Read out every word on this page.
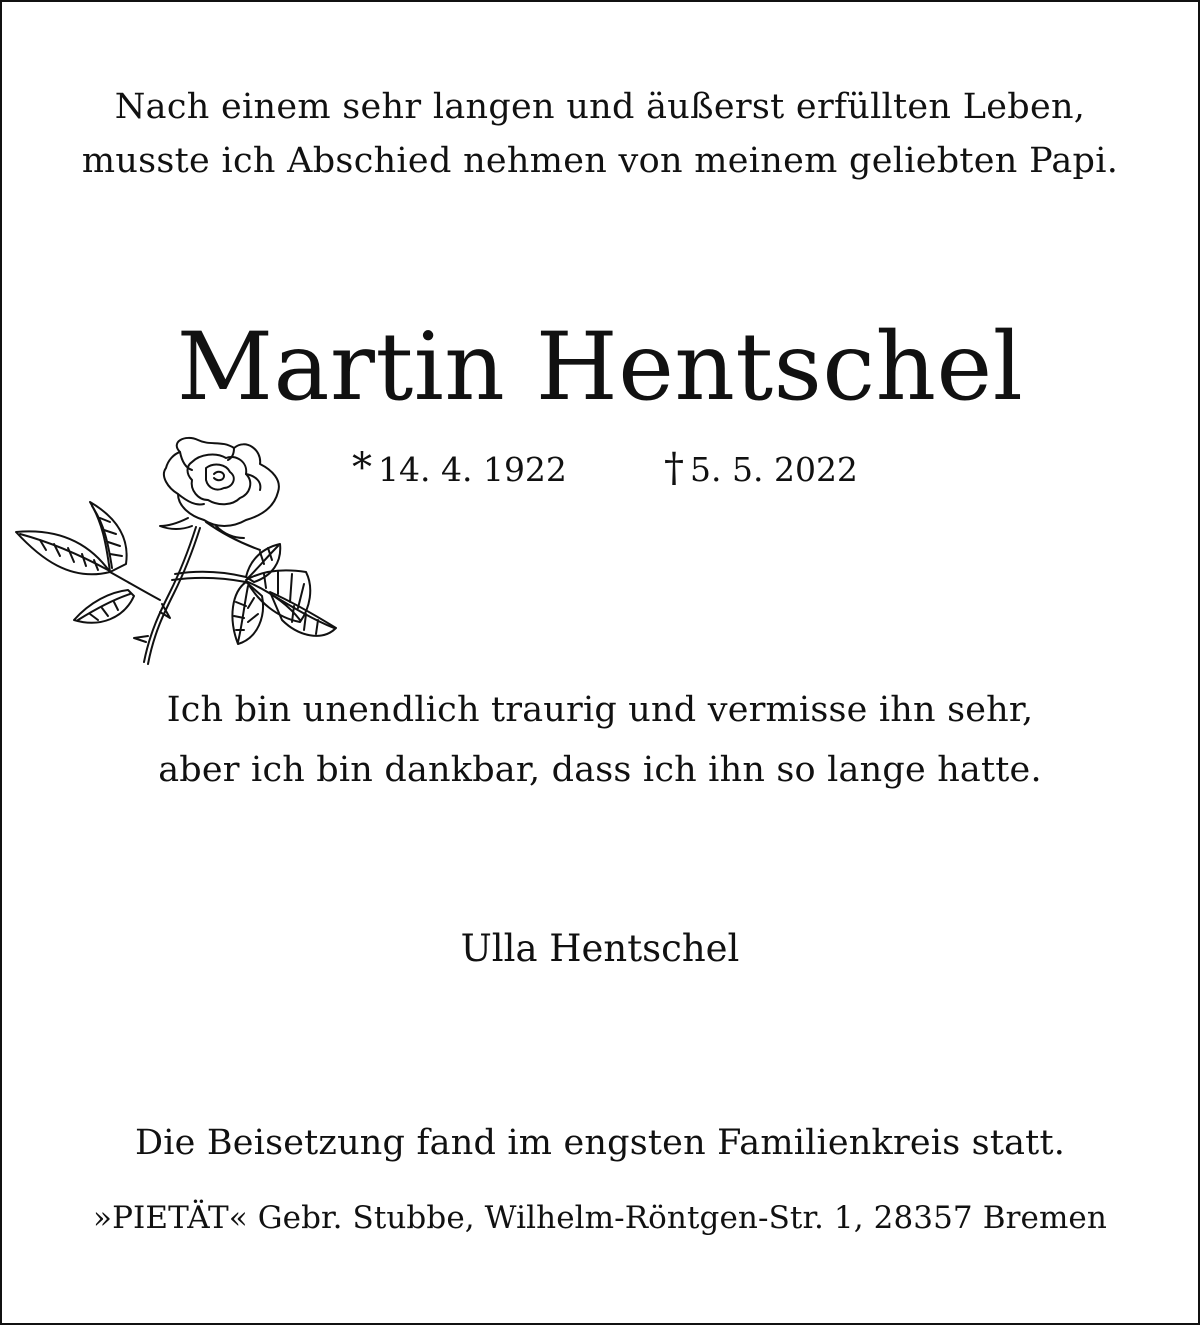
Nach einem sehr langen und äußerst erfüllten Leben,
musste ich Abschied nehmen von meinem geliebten Papi.
Martin Hentschel
* 14. 4. 1922 † 5. 5. 2022
Ich bin unendlich traurig und vermisse ihn sehr,
aber ich bin dankbar, dass ich ihn so lange hatte.
Ulla Hentschel
Die Beisetzung fand im engsten Familienkreis statt.
»PIETÄT« Gebr. Stubbe, Wilhelm-Röntgen-Str. 1, 28357 Bremen
